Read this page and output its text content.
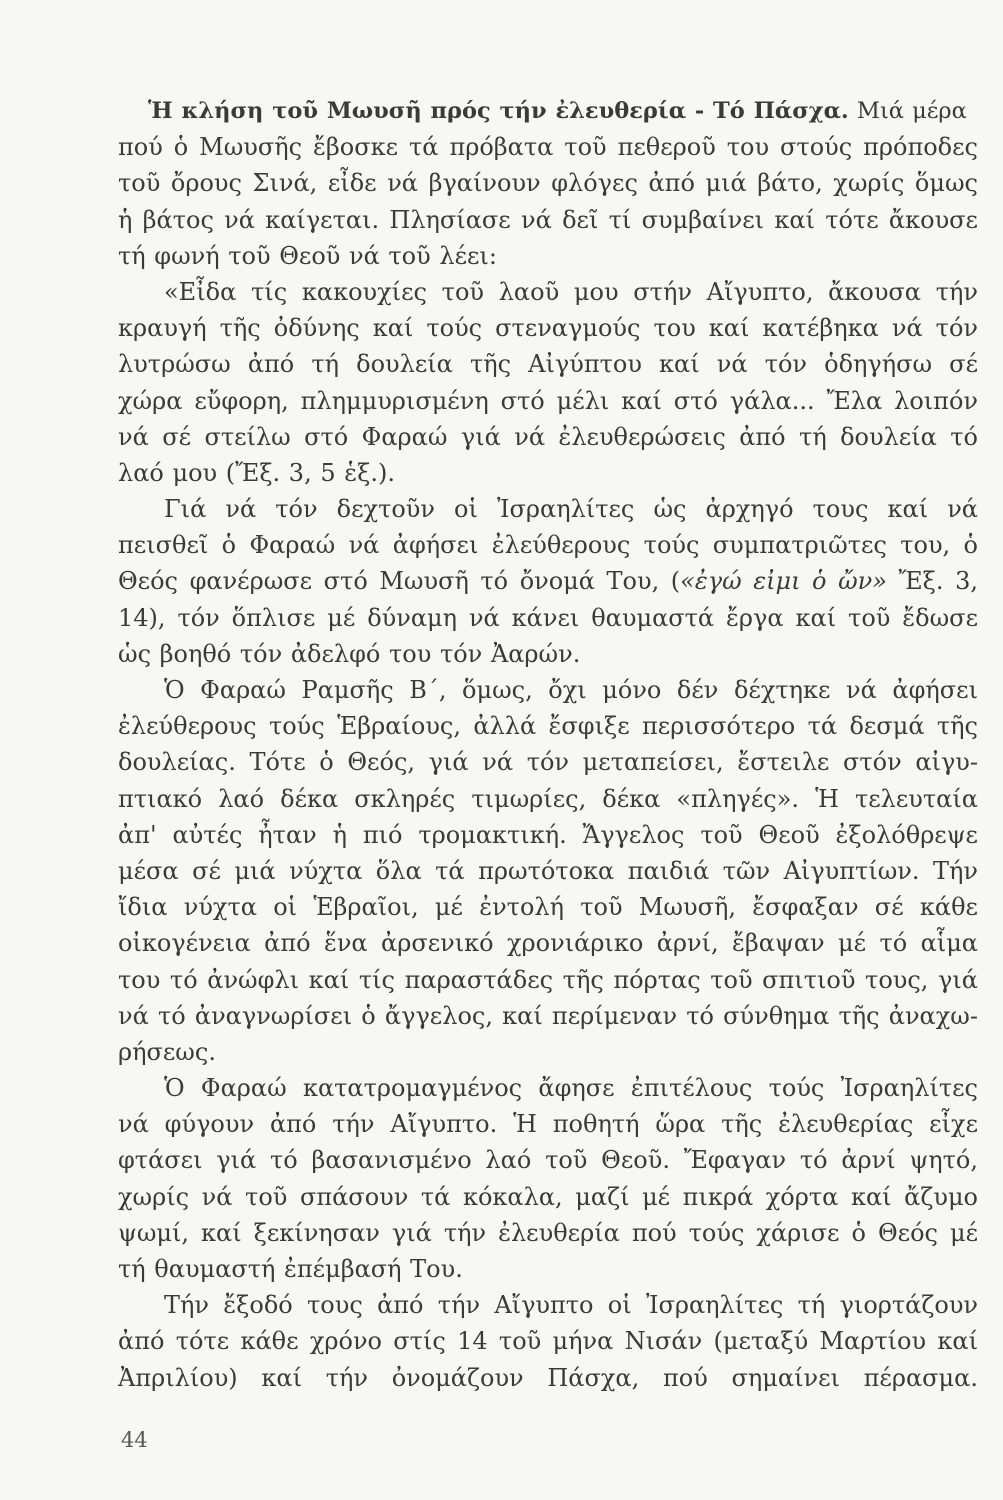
Ἡ κλήση τοῦ Μωυσῆ πρός τήν ἐλευθερία - Τό Πάσχα. Μιά μέρα
πού ὁ Μωυσῆς ἔβοσκε τά πρόβατα τοῦ πεθεροῦ του στούς πρόποδες
τοῦ ὄρους Σινά, εἶδε νά βγαίνουν φλόγες ἀπό μιά βάτο, χωρίς ὅμως
ἡ βάτος νά καίγεται. Πλησίασε νά δεῖ τί συμβαίνει καί τότε ἄκουσε
τή φωνή τοῦ Θεοῦ νά τοῦ λέει:
«Εἶδα τίς κακουχίες τοῦ λαοῦ μου στήν Αἴγυπτο, ἄκουσα τήν
κραυγή τῆς ὀδύνης καί τούς στεναγμούς του καί κατέβηκα νά τόν
λυτρώσω ἀπό τή δουλεία τῆς Αἰγύπτου καί νά τόν ὁδηγήσω σέ
χώρα εὔφορη, πλημμυρισμένη στό μέλι καί στό γάλα... Ἔλα λοιπόν
νά σέ στείλω στό Φαραώ γιά νά ἐλευθερώσεις ἀπό τή δουλεία τό
λαό μου (Ἔξ. 3, 5 ἑξ.).
Γιά νά τόν δεχτοῦν οἱ Ἰσραηλίτες ὡς ἀρχηγό τους καί νά
πεισθεῖ ὁ Φαραώ νά ἀφήσει ἐλεύθερους τούς συμπατριῶτες του, ὁ
Θεός φανέρωσε στό Μωυσῆ τό ὄνομά Του, («ἐγώ εἰμι ὁ ὤν» Ἔξ. 3,
14), τόν ὅπλισε μέ δύναμη νά κάνει θαυμαστά ἔργα καί τοῦ ἔδωσε
ὡς βοηθό τόν ἀδελφό του τόν Ἀαρών.
Ὁ Φαραώ Ραμσῆς Β΄, ὅμως, ὄχι μόνο δέν δέχτηκε νά ἀφήσει
ἐλεύθερους τούς Ἑβραίους, ἀλλά ἔσφιξε περισσότερο τά δεσμά τῆς
δουλείας. Τότε ὁ Θεός, γιά νά τόν μεταπείσει, ἔστειλε στόν αἰγυ-
πτιακό λαό δέκα σκληρές τιμωρίες, δέκα «πληγές». Ἡ τελευταία
ἀπ' αὐτές ἦταν ἡ πιό τρομακτική. Ἄγγελος τοῦ Θεοῦ ἐξολόθρεψε
μέσα σέ μιά νύχτα ὅλα τά πρωτότοκα παιδιά τῶν Αἰγυπτίων. Τήν
ἴδια νύχτα οἱ Ἑβραῖοι, μέ ἐντολή τοῦ Μωυσῆ, ἔσφαξαν σέ κάθε
οἰκογένεια ἀπό ἕνα ἀρσενικό χρονιάρικο ἀρνί, ἔβαψαν μέ τό αἷμα
του τό ἀνώφλι καί τίς παραστάδες τῆς πόρτας τοῦ σπιτιοῦ τους, γιά
νά τό ἀναγνωρίσει ὁ ἄγγελος, καί περίμεναν τό σύνθημα τῆς ἀναχω-
ρήσεως.
Ὁ Φαραώ κατατρομαγμένος ἄφησε ἐπιτέλους τούς Ἰσραηλίτες
νά φύγουν ἀπό τήν Αἴγυπτο. Ἡ ποθητή ὥρα τῆς ἐλευθερίας εἶχε
φτάσει γιά τό βασανισμένο λαό τοῦ Θεοῦ. Ἔφαγαν τό ἀρνί ψητό,
χωρίς νά τοῦ σπάσουν τά κόκαλα, μαζί μέ πικρά χόρτα καί ἄζυμο
ψωμί, καί ξεκίνησαν γιά τήν ἐλευθερία πού τούς χάρισε ὁ Θεός μέ
τή θαυμαστή ἐπέμβασή Του.
Τήν ἔξοδό τους ἀπό τήν Αἴγυπτο οἱ Ἰσραηλίτες τή γιορτάζουν
ἀπό τότε κάθε χρόνο στίς 14 τοῦ μήνα Νισάν (μεταξύ Μαρτίου καί
Ἀπριλίου) καί τήν ὀνομάζουν Πάσχα, πού σημαίνει πέρασμα.
44
